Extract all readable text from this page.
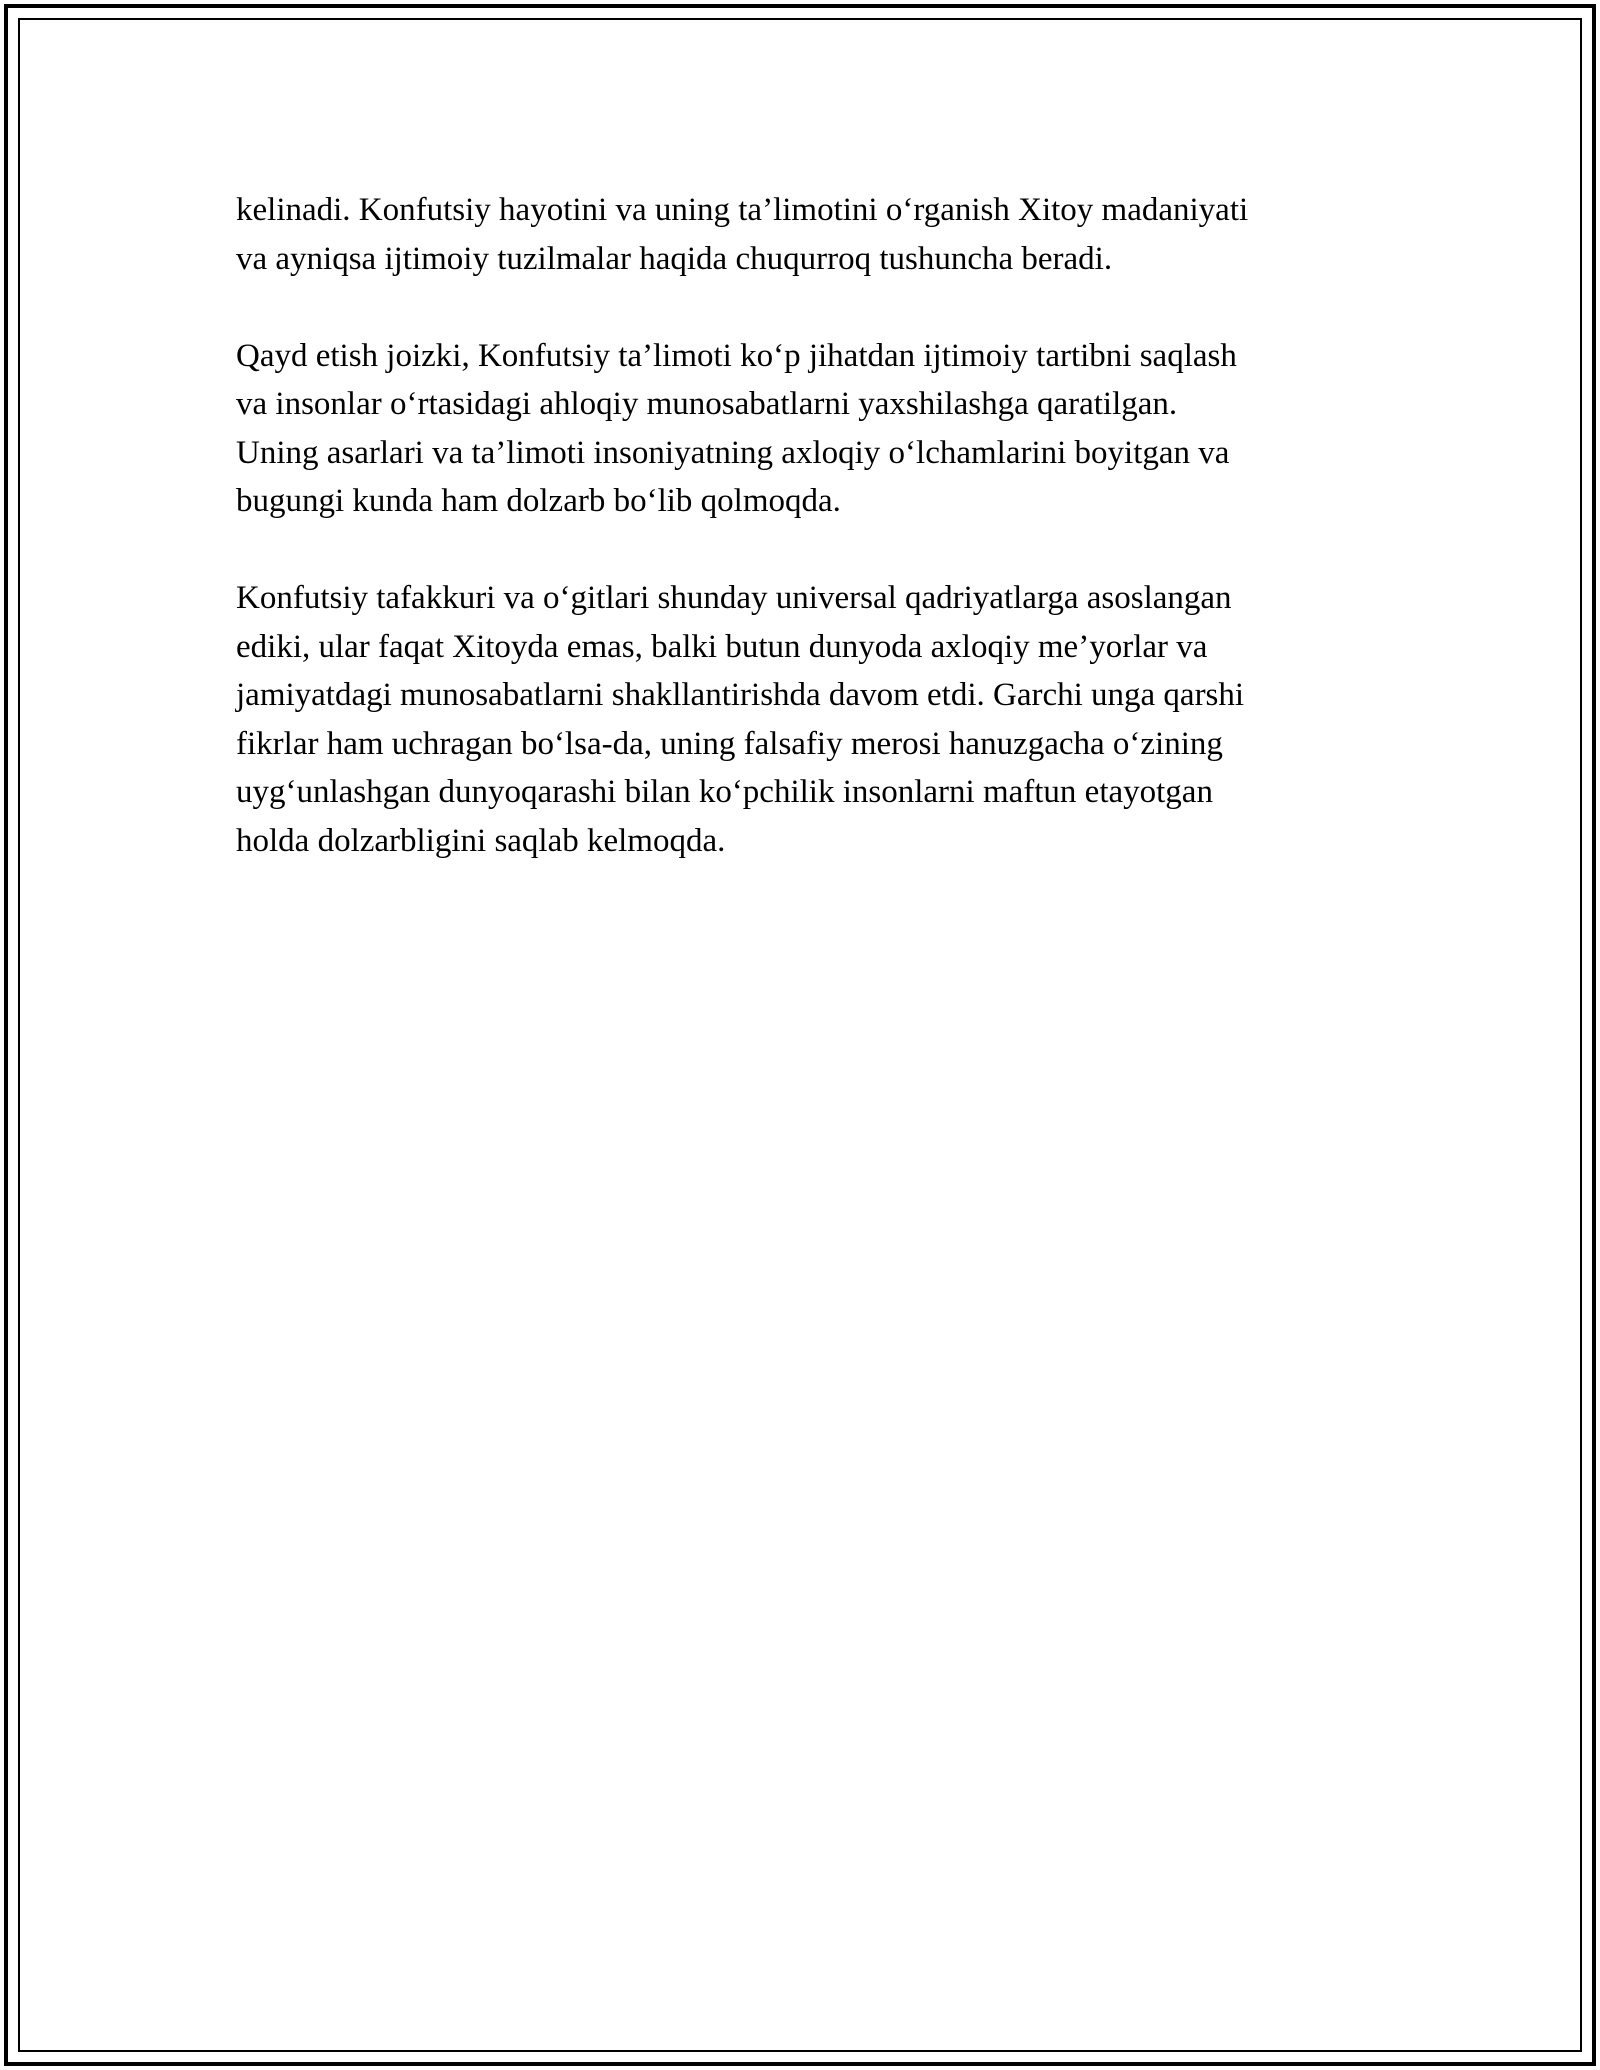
kelinadi. Konfutsiy hayotini va uning ta’limotini o‘rganish Xitoy madaniyati
va ayniqsa ijtimoiy tuzilmalar haqida chuqurroq tushuncha beradi.

Qayd etish joizki, Konfutsiy ta’limoti ko‘p jihatdan ijtimoiy tartibni saqlash
va insonlar o‘rtasidagi ahloqiy munosabatlarni yaxshilashga qaratilgan.
Uning asarlari va ta’limoti insoniyatning axloqiy o‘lchamlarini boyitgan va
bugungi kunda ham dolzarb bo‘lib qolmoqda.

Konfutsiy tafakkuri va o‘gitlari shunday universal qadriyatlarga asoslangan
ediki, ular faqat Xitoyda emas, balki butun dunyoda axloqiy me’yorlar va
jamiyatdagi munosabatlarni shakllantirishda davom etdi. Garchi unga qarshi
fikrlar ham uchragan bo‘lsa-da, uning falsafiy merosi hanuzgacha o‘zining
uyg‘unlashgan dunyoqarashi bilan ko‘pchilik insonlarni maftun etayotgan
holda dolzarbligini saqlab kelmoqda.
